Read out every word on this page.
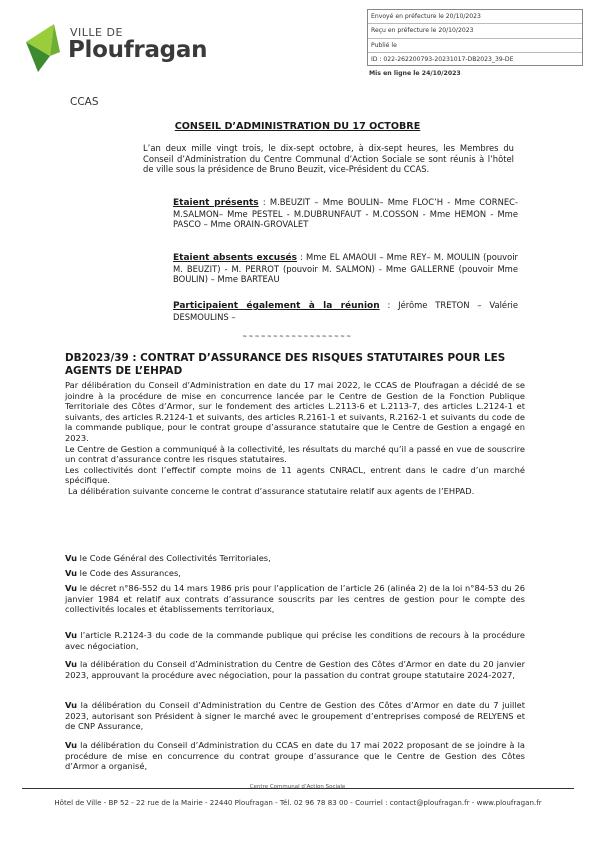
VILLE DE
Ploufragan
Envoyé en préfecture le 20/10/2023
Reçu en préfecture le 20/10/2023
Publié le
ID : 022-262200793-20231017-DB2023_39-DE
Mis en ligne le 24/10/2023
CCAS
CONSEIL D’ADMINISTRATION DU 17 OCTOBRE
L’an deux mille vingt trois, le dix-sept octobre, à dix-sept heures, les Membres du Conseil d’Administration du Centre Communal d’Action Sociale se sont réunis à l’hôtel de ville sous la présidence de Bruno Beuzit, vice-Président du CCAS.
Etaient présents : M.BEUZIT – Mme BOULIN– Mme FLOC’H - Mme CORNEC- M.SALMON– Mme PESTEL - M.DUBRUNFAUT - M.COSSON - Mme HEMON - Mme PASCO – Mme ORAIN-GROVALET
Etaient absents excusés : Mme EL AMAOUI – Mme REY– M. MOULIN (pouvoir M. BEUZIT) - M. PERROT (pouvoir M. SALMON) - Mme GALLERNE (pouvoir Mme BOULIN) – Mme BARTEAU
Participaient également à la réunion : Jérôme TRETON – Valérie DESMOULINS –
≈≈≈≈≈≈≈≈≈≈≈≈≈≈≈≈≈≈
DB2023/39 : CONTRAT D’ASSURANCE DES RISQUES STATUTAIRES POUR LES AGENTS DE L’EHPAD

Par délibération du Conseil d’Administration en date du 17 mai 2022, le CCAS de Ploufragan a décidé de se joindre à la procédure de mise en concurrence lancée par le Centre de Gestion de la Fonction Publique Territoriale des Côtes d’Armor, sur le fondement des articles L.2113-6 et L.2113-7, des articles L.2124-1 et suivants, des articles R.2124-1 et suivants, des articles R.2161-1 et suivants, R.2162-1 et suivants du code de la commande publique, pour le contrat groupe d’assurance statutaire que le Centre de Gestion a engagé en 2023.

Le Centre de Gestion a communiqué à la collectivité, les résultats du marché qu’il a passé en vue de souscrire un contrat d’assurance contre les risques statutaires.

Les collectivités dont l’effectif compte moins de 11 agents CNRACL, entrent dans le cadre d’un marché spécifique.

La délibération suivante concerne le contrat d’assurance statutaire relatif aux agents de l’EHPAD.

Vu le Code Général des Collectivités Territoriales,
Vu le Code des Assurances,
Vu le décret n°86-552 du 14 mars 1986 pris pour l’application de l’article 26 (alinéa 2) de la loi n°84-53 du 26 janvier 1984 et relatif aux contrats d’assurance souscrits par les centres de gestion pour le compte des collectivités locales et établissements territoriaux,
Vu l’article R.2124-3 du code de la commande publique qui précise les conditions de recours à la procédure avec négociation,
Vu la délibération du Conseil d’Administration du Centre de Gestion des Côtes d’Armor en date du 20 janvier 2023, approuvant la procédure avec négociation, pour la passation du contrat groupe statutaire 2024-2027,
Vu la délibération du Conseil d’Administration du Centre de Gestion des Côtes d’Armor en date du 7 juillet 2023, autorisant son Président à signer le marché avec le groupement d’entreprises composé de RELYENS et de CNP Assurance,
Vu la délibération du Conseil d’Administration du CCAS en date du 17 mai 2022 proposant de se joindre à la procédure de mise en concurrence du contrat groupe d’assurance que le Centre de Gestion des Côtes d’Armor a organisé,
Centre Communal d’Action Sociale
Hôtel de Ville - BP 52 - 22 rue de la Mairie - 22440 Ploufragan - Tél. 02 96 78 83 00 - Courriel : contact@ploufragan.fr - www.ploufragan.fr
